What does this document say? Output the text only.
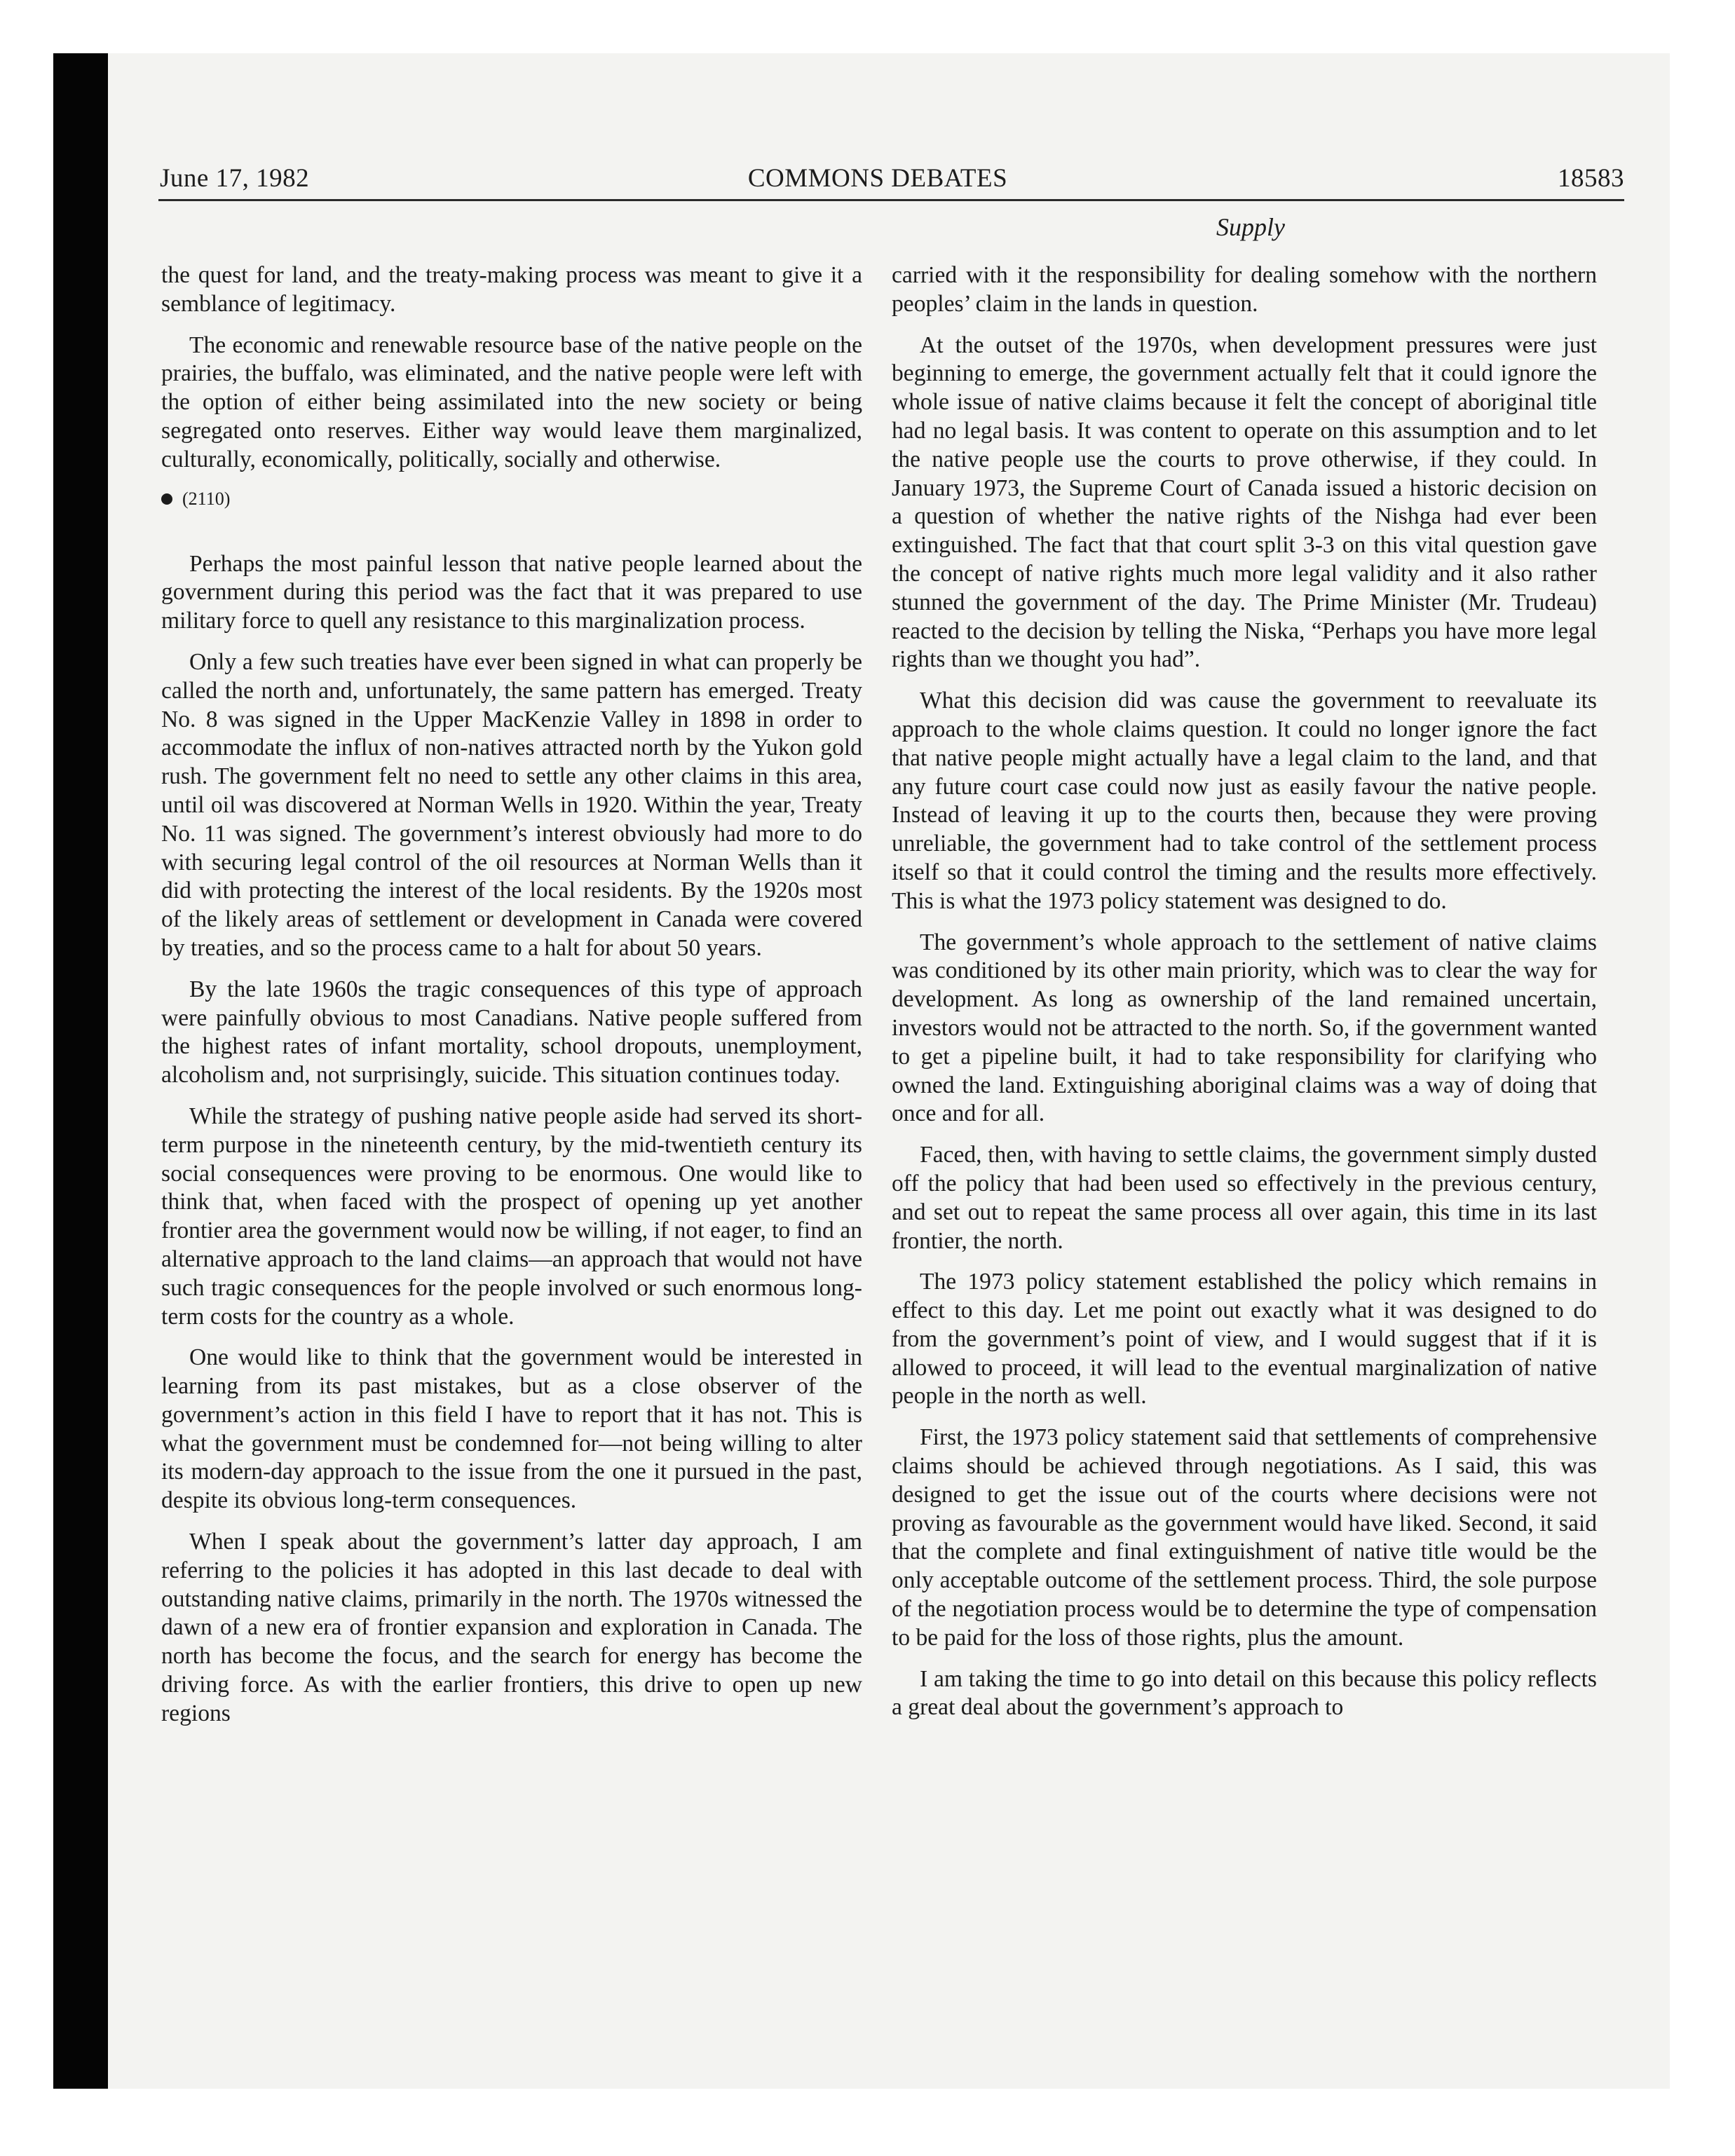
June 17, 1982	COMMONS DEBATES	18583
Supply

the quest for land, and the treaty-making process was meant to give it a semblance of legitimacy.

The economic and renewable resource base of the native people on the prairies, the buffalo, was eliminated, and the native people were left with the option of either being assimilated into the new society or being segregated onto reserves. Either way would leave them marginalized, culturally, economically, politically, socially and otherwise.

(2110)

Perhaps the most painful lesson that native people learned about the government during this period was the fact that it was prepared to use military force to quell any resistance to this marginalization process.

Only a few such treaties have ever been signed in what can properly be called the north and, unfortunately, the same pattern has emerged. Treaty No. 8 was signed in the Upper MacKenzie Valley in 1898 in order to accommodate the influx of non-natives attracted north by the Yukon gold rush. The government felt no need to settle any other claims in this area, until oil was discovered at Norman Wells in 1920. Within the year, Treaty No. 11 was signed. The government’s interest obviously had more to do with securing legal control of the oil resources at Norman Wells than it did with protecting the interest of the local residents. By the 1920s most of the likely areas of settlement or development in Canada were covered by treaties, and so the process came to a halt for about 50 years.

By the late 1960s the tragic consequences of this type of approach were painfully obvious to most Canadians. Native people suffered from the highest rates of infant mortality, school dropouts, unemployment, alcoholism and, not surprisingly, suicide. This situation continues today.

While the strategy of pushing native people aside had served its short-term purpose in the nineteenth century, by the mid-twentieth century its social consequences were proving to be enormous. One would like to think that, when faced with the prospect of opening up yet another frontier area the government would now be willing, if not eager, to find an alternative approach to the land claims—an approach that would not have such tragic consequences for the people involved or such enormous long-term costs for the country as a whole.

One would like to think that the government would be interested in learning from its past mistakes, but as a close observer of the government’s action in this field I have to report that it has not. This is what the government must be condemned for—not being willing to alter its modern-day approach to the issue from the one it pursued in the past, despite its obvious long-term consequences.

When I speak about the government’s latter day approach, I am referring to the policies it has adopted in this last decade to deal with outstanding native claims, primarily in the north. The 1970s witnessed the dawn of a new era of frontier expansion and exploration in Canada. The north has become the focus, and the search for energy has become the driving force. As with the earlier frontiers, this drive to open up new regions

carried with it the responsibility for dealing somehow with the northern peoples’ claim in the lands in question.

At the outset of the 1970s, when development pressures were just beginning to emerge, the government actually felt that it could ignore the whole issue of native claims because it felt the concept of aboriginal title had no legal basis. It was content to operate on this assumption and to let the native people use the courts to prove otherwise, if they could. In January 1973, the Supreme Court of Canada issued a historic decision on a question of whether the native rights of the Nishga had ever been extinguished. The fact that that court split 3-3 on this vital question gave the concept of native rights much more legal validity and it also rather stunned the government of the day. The Prime Minister (Mr. Trudeau) reacted to the decision by telling the Niska, “Perhaps you have more legal rights than we thought you had”.

What this decision did was cause the government to reevaluate its approach to the whole claims question. It could no longer ignore the fact that native people might actually have a legal claim to the land, and that any future court case could now just as easily favour the native people. Instead of leaving it up to the courts then, because they were proving unreliable, the government had to take control of the settlement process itself so that it could control the timing and the results more effectively. This is what the 1973 policy statement was designed to do.

The government’s whole approach to the settlement of native claims was conditioned by its other main priority, which was to clear the way for development. As long as ownership of the land remained uncertain, investors would not be attracted to the north. So, if the government wanted to get a pipeline built, it had to take responsibility for clarifying who owned the land. Extinguishing aboriginal claims was a way of doing that once and for all.

Faced, then, with having to settle claims, the government simply dusted off the policy that had been used so effectively in the previous century, and set out to repeat the same process all over again, this time in its last frontier, the north.

The 1973 policy statement established the policy which remains in effect to this day. Let me point out exactly what it was designed to do from the government’s point of view, and I would suggest that if it is allowed to proceed, it will lead to the eventual marginalization of native people in the north as well.

First, the 1973 policy statement said that settlements of comprehensive claims should be achieved through negotiations. As I said, this was designed to get the issue out of the courts where decisions were not proving as favourable as the government would have liked. Second, it said that the complete and final extinguishment of native title would be the only acceptable outcome of the settlement process. Third, the sole purpose of the negotiation process would be to determine the type of compensation to be paid for the loss of those rights, plus the amount.

I am taking the time to go into detail on this because this policy reflects a great deal about the government’s approach to
